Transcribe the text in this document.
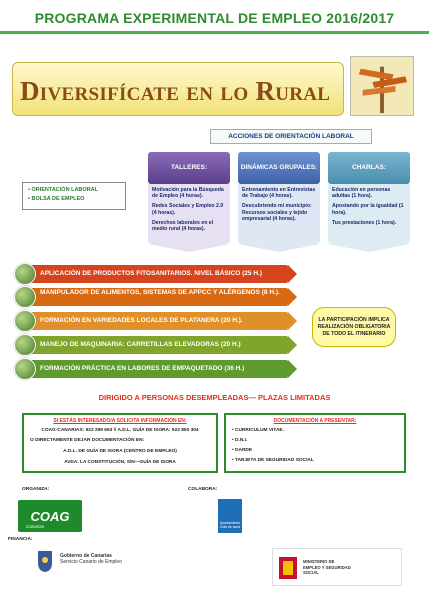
PROGRAMA EXPERIMENTAL DE EMPLEO 2016/2017
Diversifícate en lo Rural
ACCIONES DE ORIENTACIÓN LABORAL
TALLERES:
Motivación para la Búsqueda de Empleo (4 horas).
Redes Sociales y Empleo 2.0 (4 horas).
Derechos laborales en el medio rural (4 horas).
DINÁMICAS GRUPALES:
Entrenamiento en Entrevistas de Trabajo (4 horas).
Descubriendo mi municipio: Recursos sociales y tejido empresarial (4 horas).
CHARLAS:
Educación en personas adultas (1 hora).
Apostando por la igualdad (1 hora).
Tus prestaciones (1 hora).
• ORIENTACIÓN LABORAL
• BOLSA DE EMPLEO
APLICACIÓN DE PRODUCTOS FITOSANITARIOS. NIVEL BÁSICO (25 H.)
MANIPULADOR DE ALIMENTOS, SISTEMAS DE APPCC Y ALÉRGENOS (8 H.).
FORMACIÓN EN VARIEDADES LOCALES DE PLATANERA (20 H.).
MANEJO DE MAQUINARIA: CARRETILLAS ELEVADORAS (20 H.)
FORMACIÓN PRÁCTICA EN LABORES DE EMPAQUETADO (36 H.)
LA PARTICIPACIÓN IMPLICA REALIZACIÓN OBLIGATORIA DE TODO EL ITINERARIO
DIRIGIDO A PERSONAS DESEMPLEADAS— PLAZAS LIMITADAS
SI ESTÁS INTERESADO/A SOLICITA INFORMACIÓN EN:
COAG-CANARIAS: 922 299 653 // A.D.L. GUÍA DE ISORA: 922 850 304
O DIRECTAMENTE DEJAR DOCUMENTACIÓN EN:
A.D.L. DE GUÍA DE ISORA (CENTRO DE EMPLEO)
AVDA. LA CONSTITUCIÓN, S/N—GUÍA DE ISORA
DOCUMENTACIÓN A PRESENTAR:
• CURRICULUM VITAE.
• D.N.I.
• DARDE
• TARJETA DE SEGURIDAD SOCIAL
ORGANIZA:	COLABORA:
FINANCIA:
COAG
Canarias
Ayuntamiento Guía de Isora
Gobierno de Canarias
Servicio Canario de Empleo	MINISTERIO DE EMPLEO Y SEGURIDAD SOCIAL
